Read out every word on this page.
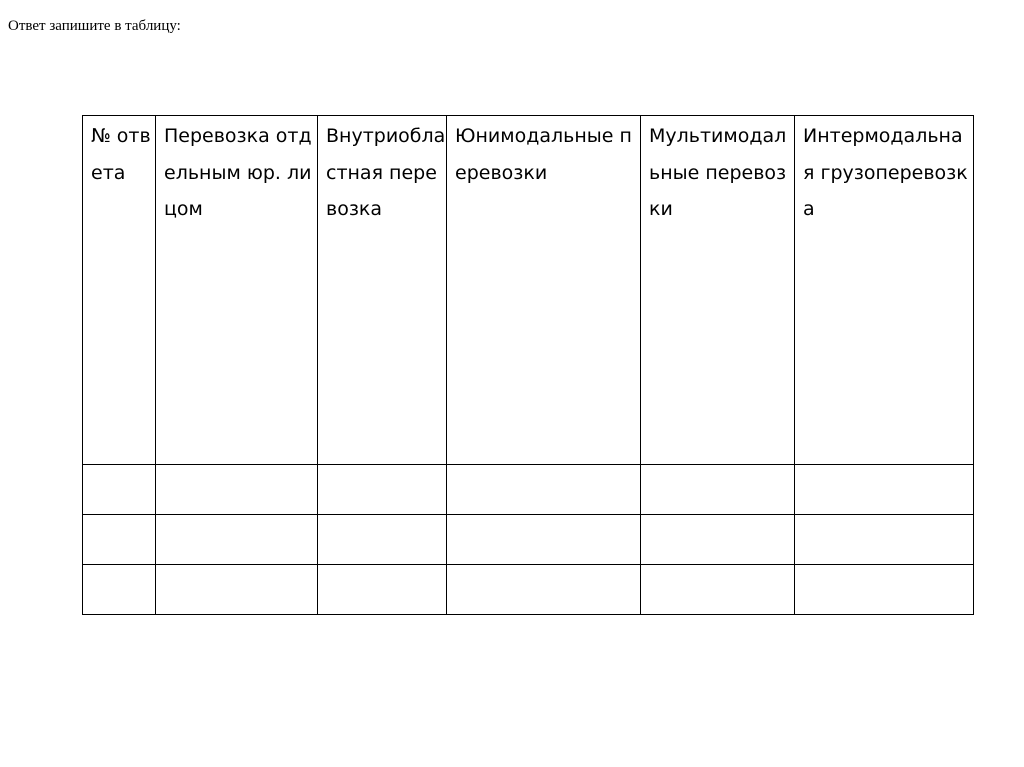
Ответ запишите в таблицу:
№ ответа	Перевозка отдельным юр. лицом	Внутриобластная перевозка	Юнимодальные перевозки	Мультимодальные перевозки	Интермодальная грузоперевозка
